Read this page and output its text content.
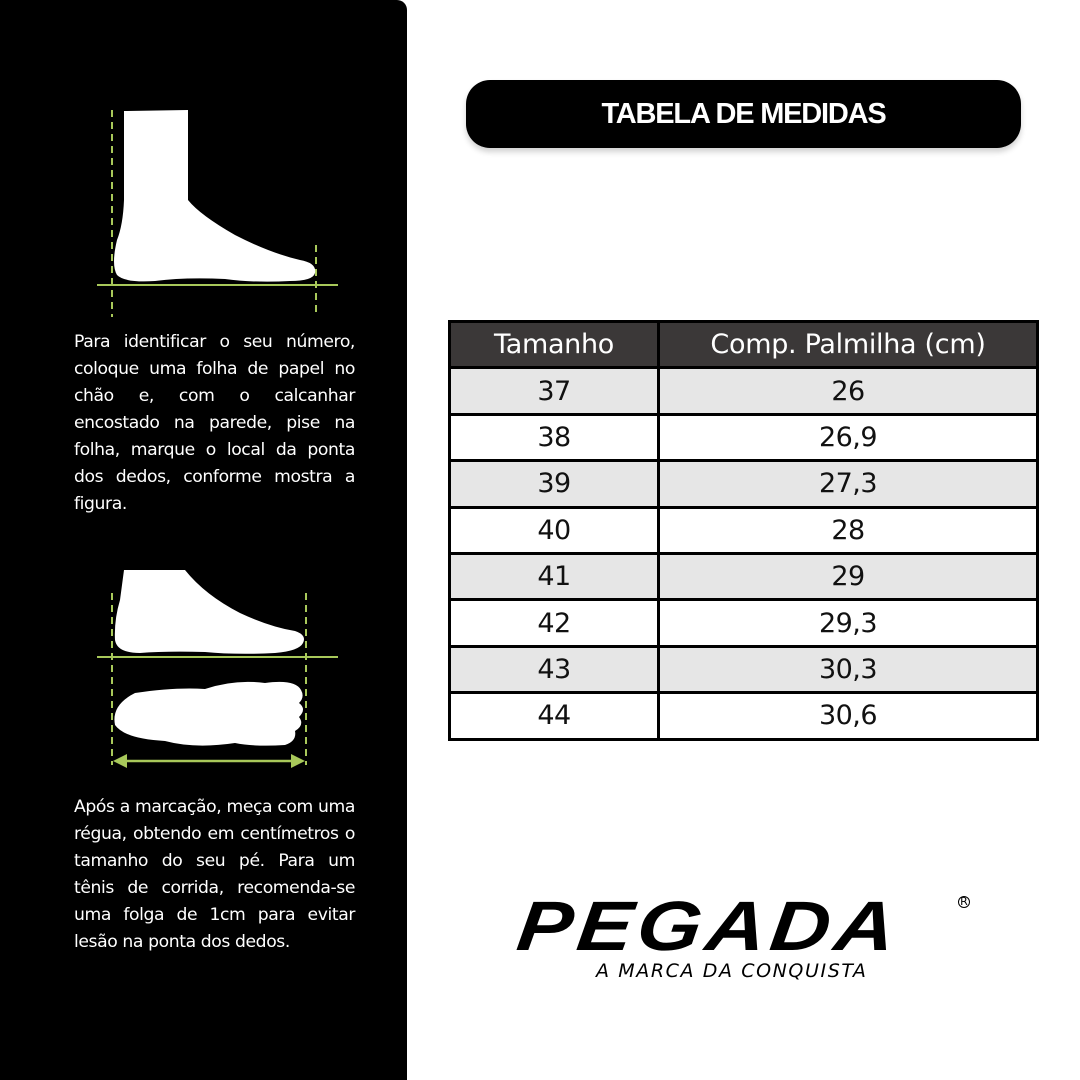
Para identificar o seu número, coloque uma folha de papel no chão e, com o calcanhar encostado na parede, pise na folha, marque o local da ponta dos dedos, conforme mostra a figura.

Após a marcação, meça com uma régua, obtendo em centímetros o tamanho do seu pé. Para um tênis de corrida, recomenda-se uma folga de 1cm para evitar lesão na ponta dos dedos.

TABELA DE MEDIDAS
Tamanho	Comp. Palmilha (cm)
37	26
38	26,9
39	27,3
40	28
41	29
42	29,3
43	30,3
44	30,6
PEGADA	R
A MARCA DA CONQUISTA
